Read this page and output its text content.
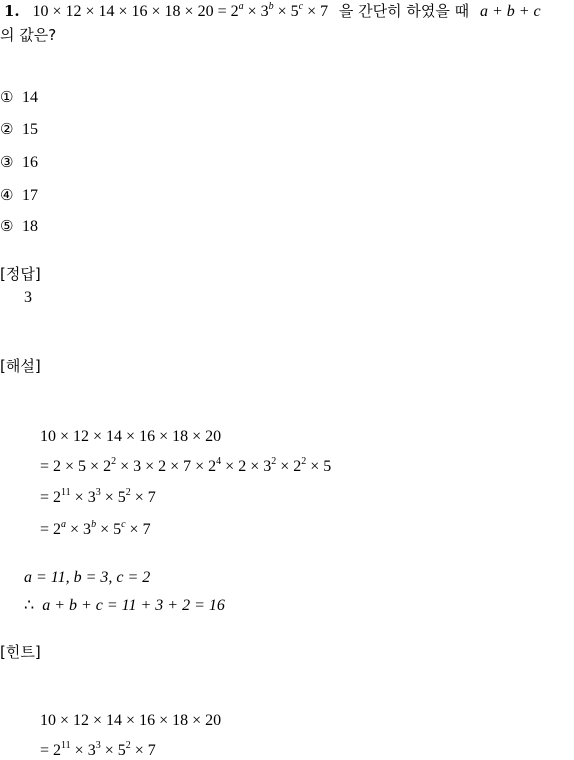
1. $10 \times 12 \times 14 \times 16 \times 18 \times 20 = 2^a \times 3^b \times 5^c \times 7$ 을 간단히 하였을 때 a + b + c
의 값은?
① 14
② 15
③ 16
④ 17
⑤ 18
[정답]
3
[해설]
10 × 12 × 14 × 16 × 18 × 20
= $2 \times 5 \times 2^2 \times 3 \times 2 \times 7 \times 2^4 \times 2 \times 3^2 \times 2^2 \times 5$
= $2^{11} \times 3^3 \times 5^2 \times 7$
= $2^a \times 3^b \times 5^c \times 7$
a = 11, b = 3, c = 2
∴ a + b + c = 11 + 3 + 2 = 16
[힌트]
10 × 12 × 14 × 16 × 18 × 20
= $2^{11} \times 3^3 \times 5^2 \times 7$
